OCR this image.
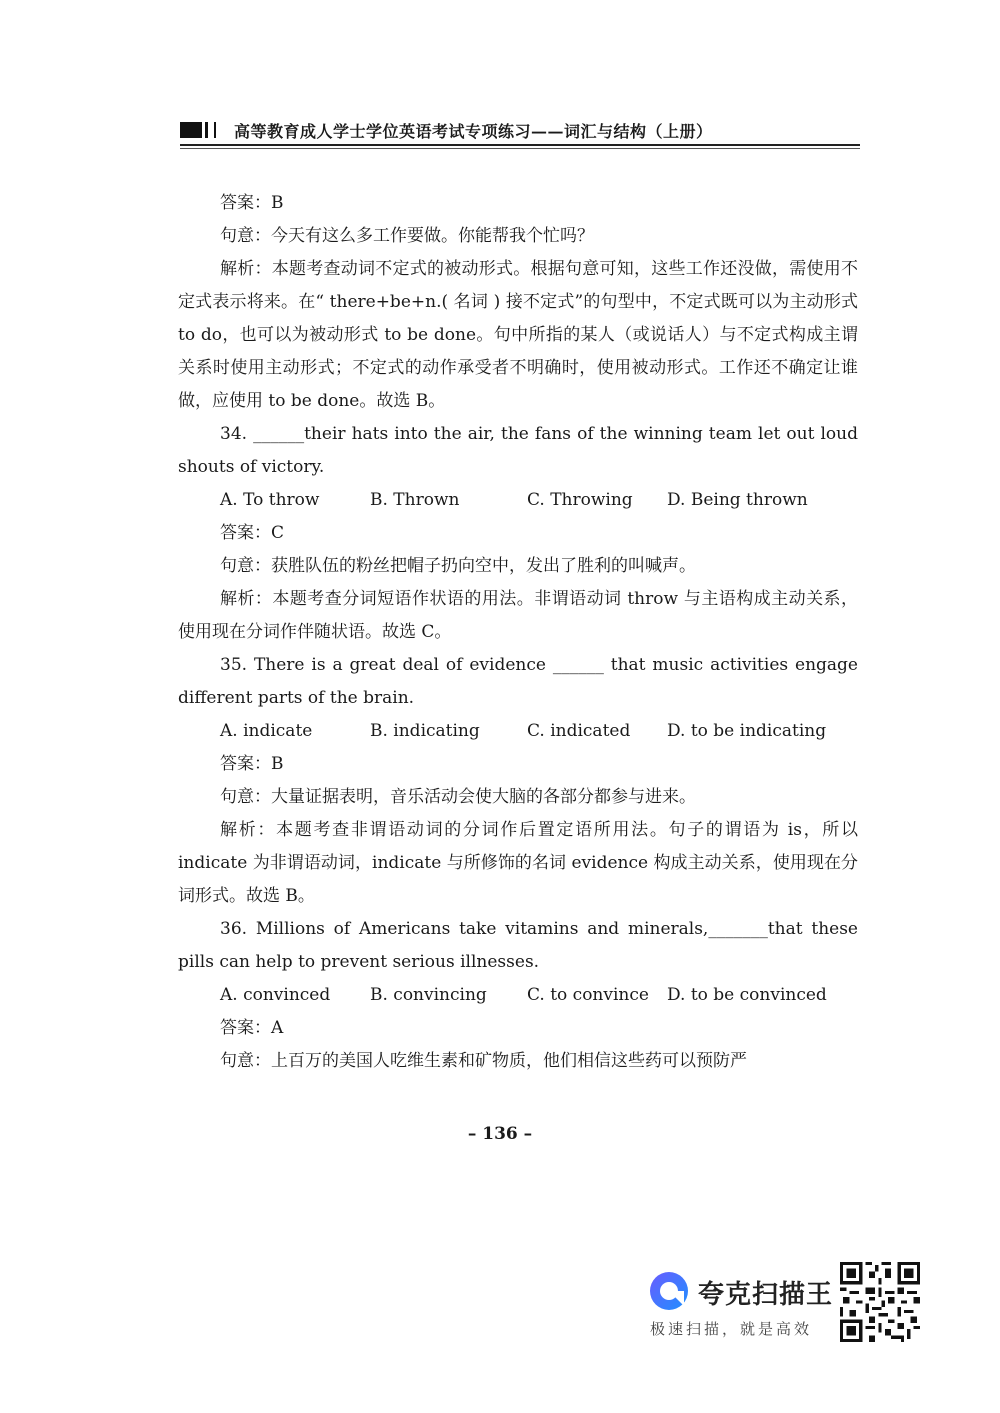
高等教育成人学士学位英语考试专项练习——词汇与结构（上册）

答案：B

句意：今天有这么多工作要做。你能帮我个忙吗？

解析：本题考查动词不定式的被动形式。根据句意可知，这些工作还没做，需使用不定式表示将来。在“ there+be+n.( 名词 ) 接不定式”的句型中，不定式既可以为主动形式 to do，也可以为被动形式 to be done。句中所指的某人（或说话人）与不定式构成主谓关系时使用主动形式；不定式的动作承受者不明确时，使用被动形式。工作还不确定让谁做，应使用 to be done。故选 B。

34. ______their hats into the air, the fans of the winning team let out loud shouts of victory.

A. To throw	B. Thrown	C. Throwing	D. Being thrown

答案：C

句意：获胜队伍的粉丝把帽子扔向空中，发出了胜利的叫喊声。

解析：本题考查分词短语作状语的用法。非谓语动词 throw 与主语构成主动关系，使用现在分词作伴随状语。故选 C。

35. There is a great deal of evidence ______ that music activities engage different parts of the brain.

A. indicate	B. indicating	C. indicated	D. to be indicating

答案：B

句意：大量证据表明，音乐活动会使大脑的各部分都参与进来。

解析：本题考查非谓语动词的分词作后置定语所用法。句子的谓语为 is，所以 indicate 为非谓语动词，indicate 与所修饰的名词 evidence 构成主动关系，使用现在分词形式。故选 B。

36. Millions of Americans take vitamins and minerals,_______that these pills can help to prevent serious illnesses.

A. convinced	B. convincing	C. to convince	D. to be convinced

答案：A

句意：上百万的美国人吃维生素和矿物质，他们相信这些药可以预防严

– 136 –
夸克扫描王
极速扫描，就是高效
